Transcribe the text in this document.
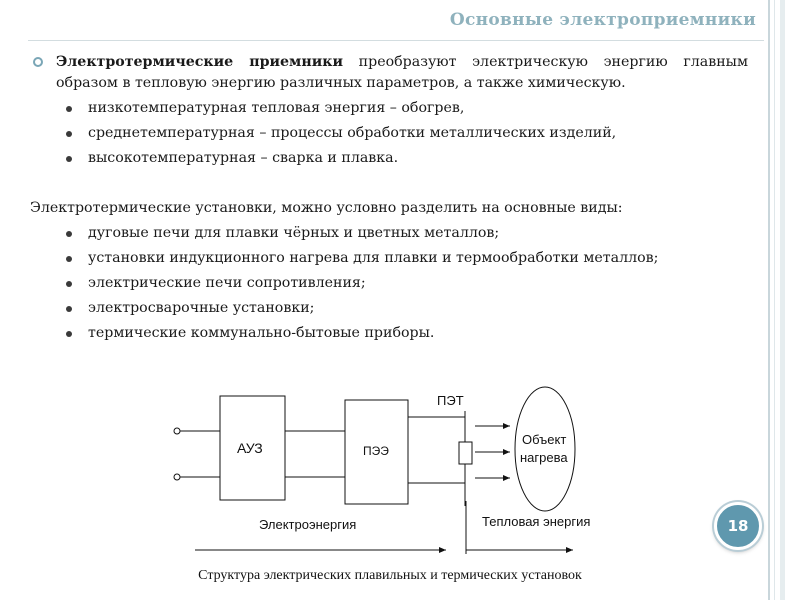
Основные электроприемники
Электротермические приемники преобразуют электрическую энергию главным образом в тепловую энергию различных параметров, а также химическую.
низкотемпературная тепловая энергия – обогрев,
среднетемпературная – процессы обработки металлических изделий,
высокотемпературная – сварка и плавка.
Электротермические установки, можно условно разделить на основные виды:
дуговые печи для плавки чёрных и цветных металлов;
установки индукционного нагрева для плавки и термообработки металлов;
электрические печи сопротивления;
электросварочные установки;
термические коммунально-бытовые приборы.
АУЗ	ПЭЭ
ПЭТ
Объект
нагрева
Электроэнергия	Тепловая энергия
Структура электрических плавильных и термических установок
18
